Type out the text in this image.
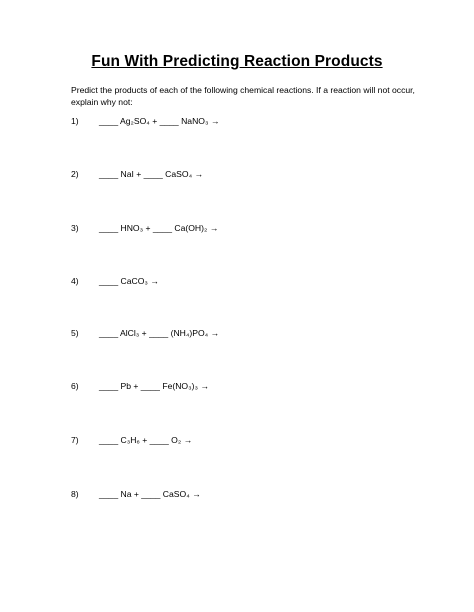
Fun With Predicting Reaction Products
Predict the products of each of the following chemical reactions. If a reaction will not occur, explain why not:
1) ____ Ag₂SO₄ + ____ NaNO₃ →
2) ____ NaI + ____ CaSO₄ →
3) ____ HNO₃ + ____ Ca(OH)₂ →
4) ____ CaCO₃ →
5) ____ AlCl₃ + ____ (NH₄)PO₄ →
6) ____ Pb + ____ Fe(NO₃)₃ →
7) ____ C₃H₆ + ____ O₂ →
8) ____ Na + ____ CaSO₄ →
